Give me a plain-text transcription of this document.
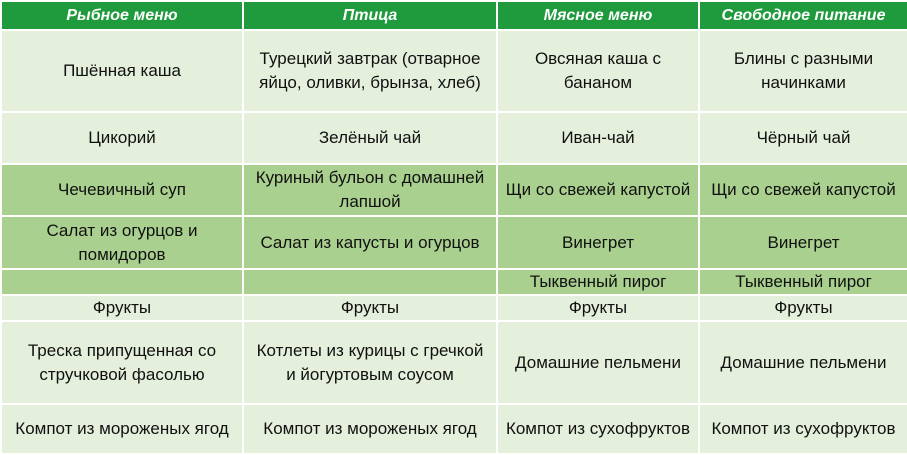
Рыбное меню	Птица	Мясное меню	Свободное питание
Пшённая каша	Турецкий завтрак (отварное яйцо, оливки, брынза, хлеб)	Овсяная каша с бананом	Блины с разными начинками
Цикорий	Зелёный чай	Иван-чай	Чёрный чай
Чечевичный суп	Куриный бульон с домашней лапшой	Щи со свежей капустой	Щи со свежей капустой
Салат из огурцов и помидоров	Салат из капусты и огурцов	Винегрет	Винегрет
		Тыквенный пирог	Тыквенный пирог
Фрукты	Фрукты	Фрукты	Фрукты
Треска припущенная со стручковой фасолью	Котлеты из курицы с гречкой и йогуртовым соусом	Домашние пельмени	Домашние пельмени
Компот из мороженых ягод	Компот из мороженых ягод	Компот из сухофруктов	Компот из сухофруктов
